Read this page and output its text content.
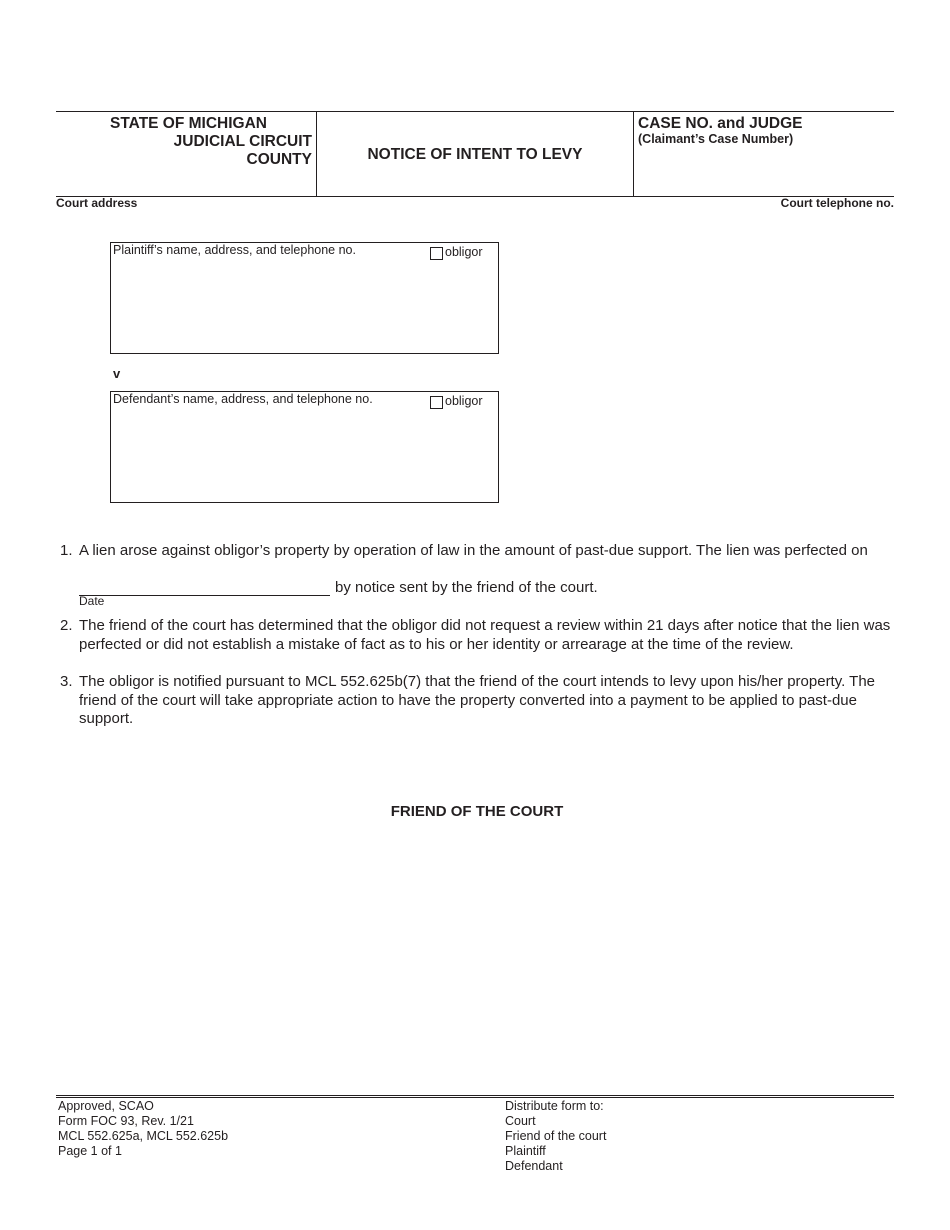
STATE OF MICHIGAN
JUDICIAL CIRCUIT
COUNTY	NOTICE OF INTENT TO LEVY
CASE NO. and JUDGE
(Claimant’s Case Number)
Court address	Court telephone no.
Plaintiff’s name, address, and telephone no.	obligor
v
Defendant’s name, address, and telephone no.	obligor
1. A lien arose against obligor’s property by operation of law in the amount of past-due support. The lien was perfected on
Date
by notice sent by the friend of the court.
2. The friend of the court has determined that the obligor did not request a review within 21 days after notice that the lien was perfected or did not establish a mistake of fact as to his or her identity or arrearage at the time of the review.
3. The obligor is notified pursuant to MCL 552.625b(7) that the friend of the court intends to levy upon his/her property. The friend of the court will take appropriate action to have the property converted into a payment to be applied to past-due support.
FRIEND OF THE COURT
Approved, SCAO
Form FOC 93, Rev. 1/21
MCL 552.625a, MCL 552.625b
Page 1 of 1
Distribute form to:
Court
Friend of the court
Plaintiff
Defendant
